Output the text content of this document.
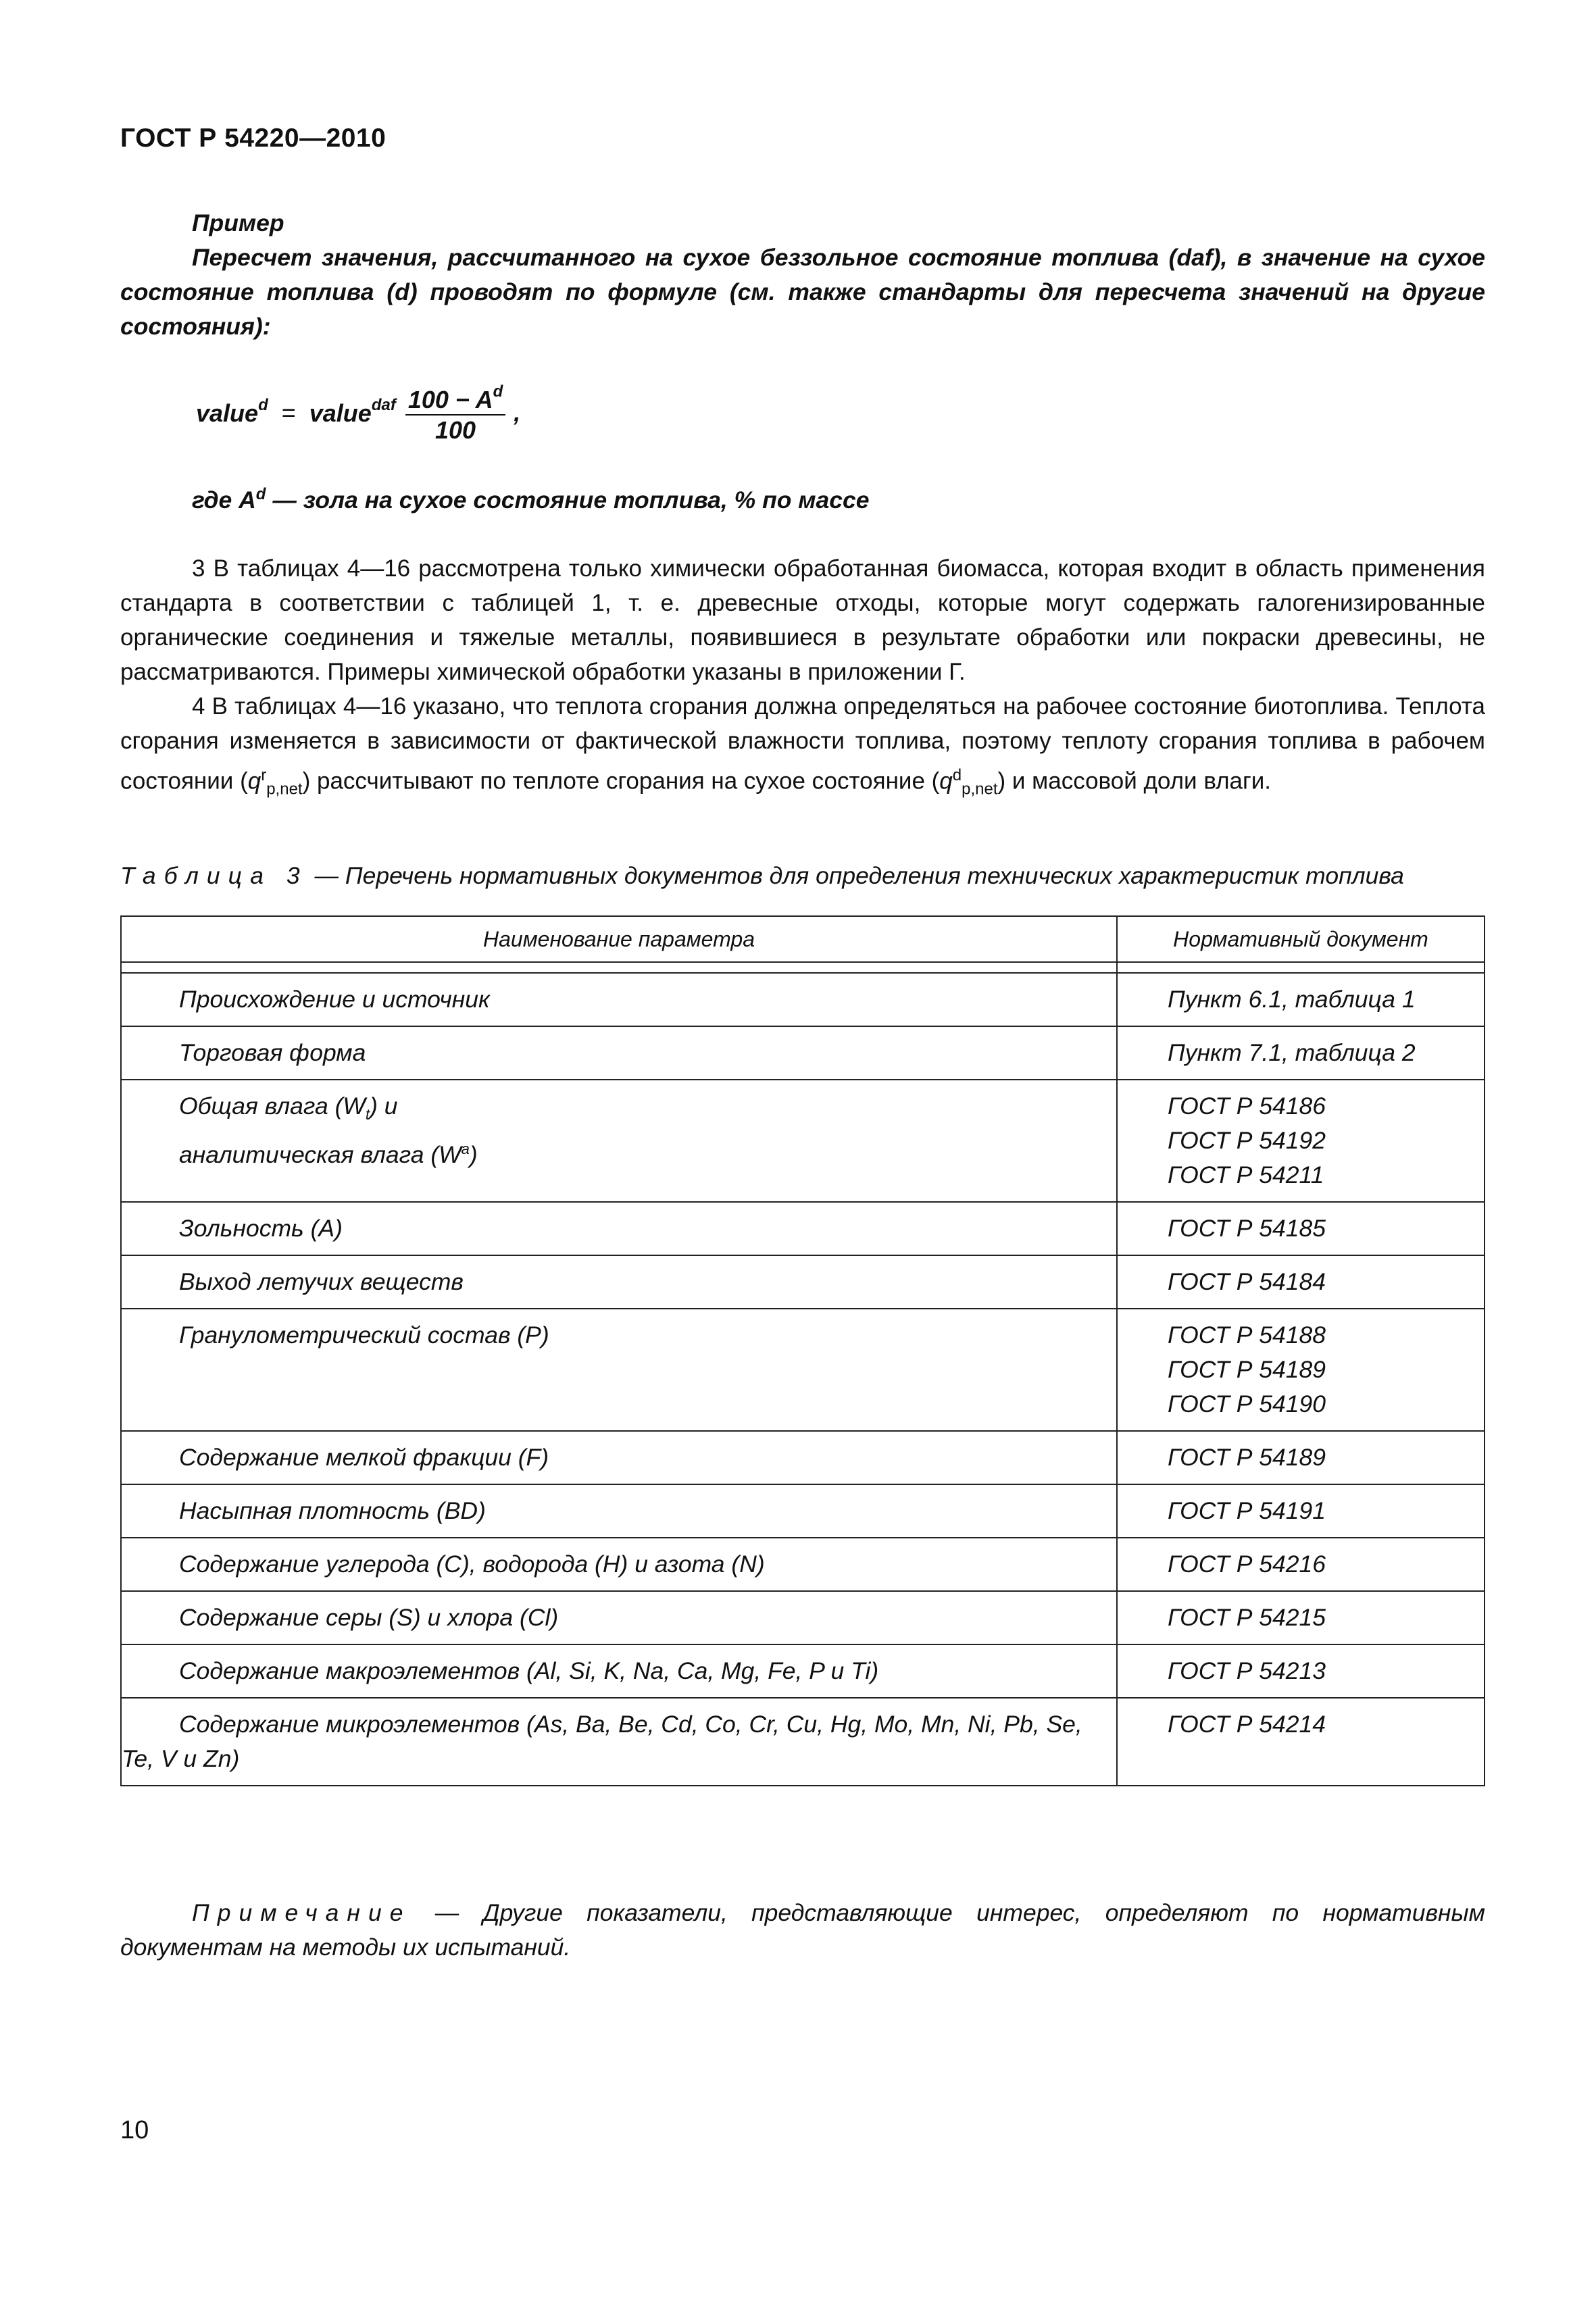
ГОСТ Р 54220—2010
Пример
Пересчет значения, рассчитанного на сухое беззольное состояние топлива (daf), в значение на сухое состояние топлива (d) проводят по формуле (см. также стандарты для пересчета значений на другие состояния):
value$^d$ = value$^{daf}$ $\frac{100 - A^d}{100}$ ,
где $A^d$ — зола на сухое состояние топлива, % по массе

3 В таблицах 4—16 рассмотрена только химически обработанная биомасса, которая входит в область применения стандарта в соответствии с таблицей 1, т. е. древесные отходы, которые могут содержать галогенизированные органические соединения и тяжелые металлы, появившиеся в результате обработки или покраски древесины, не рассматриваются. Примеры химической обработки указаны в приложении Г.

4 В таблицах 4—16 указано, что теплота сгорания должна определяться на рабочее состояние биотоплива. Теплота сгорания изменяется в зависимости от фактической влажности топлива, поэтому теплоту сгорания топлива в рабочем состоянии $(q^r_{p,net})$ рассчитывают по теплоте сгорания на сухое состояние $(q^d_{p,net})$ и массовой доли влаги.

Таблица 3 — Перечень нормативных документов для определения технических характеристик топлива
Наименование параметра	Нормативный документ

Происхождение и источник	Пункт 6.1, таблица 1
Торговая форма	Пункт 7.1, таблица 2
Общая влага $(W_t)$ и
аналитическая влага $(W^a)$	ГОСТ Р 54186
ГОСТ Р 54192
ГОСТ Р 54211
Зольность (A)	ГОСТ Р 54185
Выход летучих веществ	ГОСТ Р 54184
Гранулометрический состав (P)	ГОСТ Р 54188
ГОСТ Р 54189
ГОСТ Р 54190
Содержание мелкой фракции (F)	ГОСТ Р 54189
Насыпная плотность (BD)	ГОСТ Р 54191
Содержание углерода (C), водорода (H) и азота (N)	ГОСТ Р 54216
Содержание серы (S) и хлора (Cl)	ГОСТ Р 54215
Содержание макроэлементов (Al, Si, K, Na, Ca, Mg, Fe, P и Ti)	ГОСТ Р 54213

Содержание микроэлементов (As, Ba, Be, Cd, Co, Cr, Cu, Hg, Mo, Mn, Ni, Pb, Se, Te, V и Zn)	ГОСТ Р 54214
Примечание — Другие показатели, представляющие интерес, определяют по нормативным документам на методы их испытаний.
10
